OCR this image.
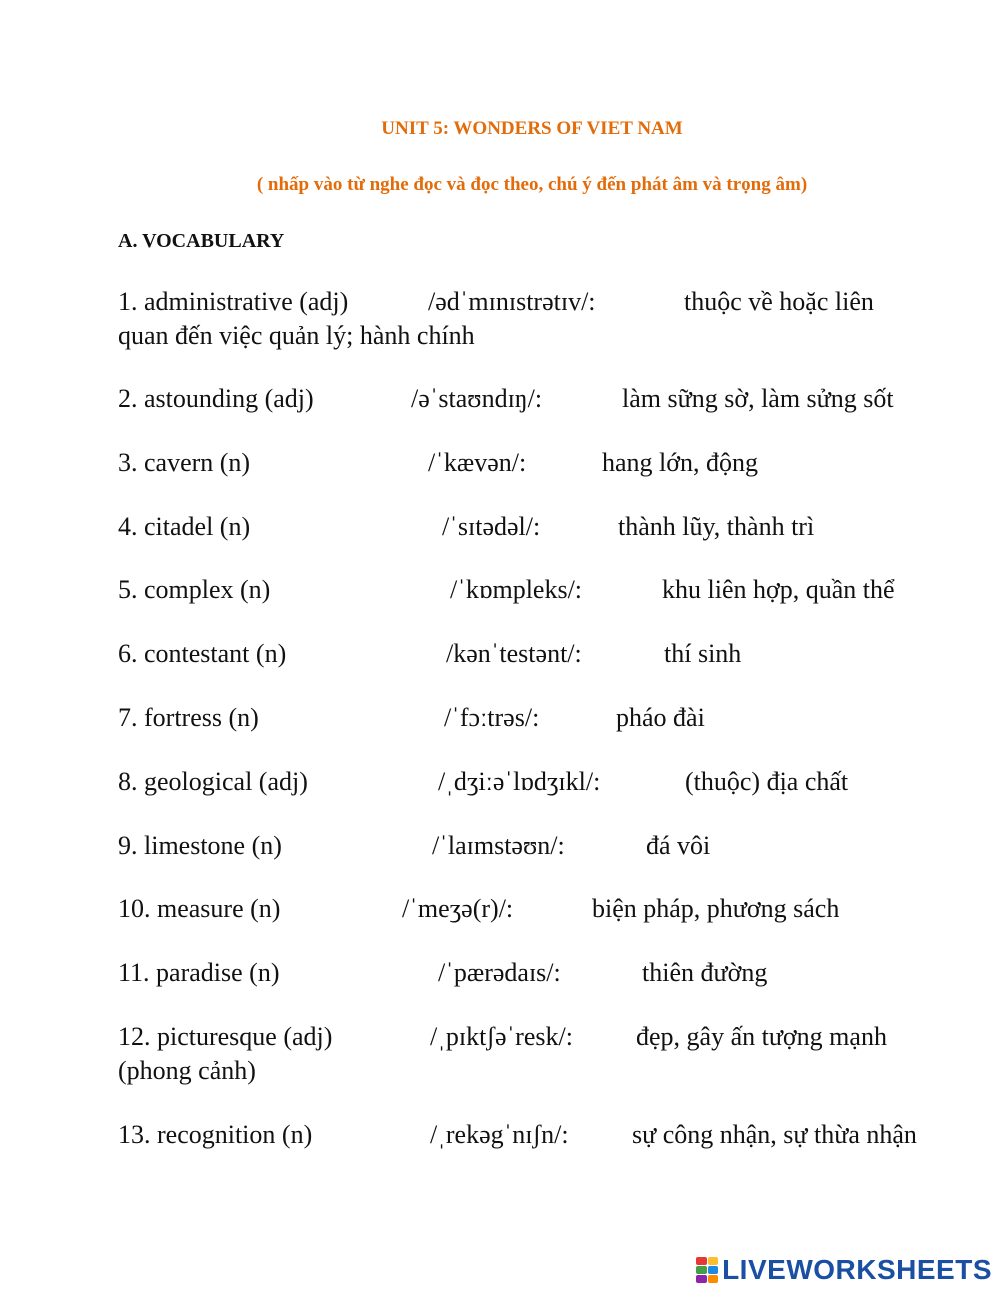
UNIT 5: WONDERS OF VIET NAM
( nhấp vào từ nghe đọc và đọc theo, chú ý đến phát âm và trọng âm)
A. VOCABULARY
1. administrative (adj)	/ədˈmɪnɪstrətɪv/:	thuộc về hoặc liên
quan đến việc quản lý; hành chính
2. astounding (adj)	/əˈstaʊndɪŋ/:	làm sững sờ, làm sửng sốt
3. cavern (n)	/ˈkævən/:	hang lớn, động
4. citadel (n)	/ˈsɪtədəl/:	thành lũy, thành trì
5. complex (n)	/ˈkɒmpleks/:	khu liên hợp, quần thể
6. contestant (n)	/kənˈtestənt/:	thí sinh
7. fortress (n)	/ˈfɔːtrəs/:	pháo đài
8. geological (adj)	/ˌdʒiːəˈlɒdʒɪkl/:	(thuộc) địa chất
9. limestone (n)	/ˈlaɪmstəʊn/:	đá vôi
10. measure (n)	/ˈmeʒə(r)/:	biện pháp, phương sách
11. paradise (n)	/ˈpærədaɪs/:	thiên đường
12. picturesque (adj)	/ˌpɪktʃəˈresk/: đẹp, gây ấn tượng mạnh
(phong cảnh)
13. recognition (n)	/ˌrekəgˈnɪʃn/: sự công nhận, sự thừa nhận
LIVEWORKSHEETS
